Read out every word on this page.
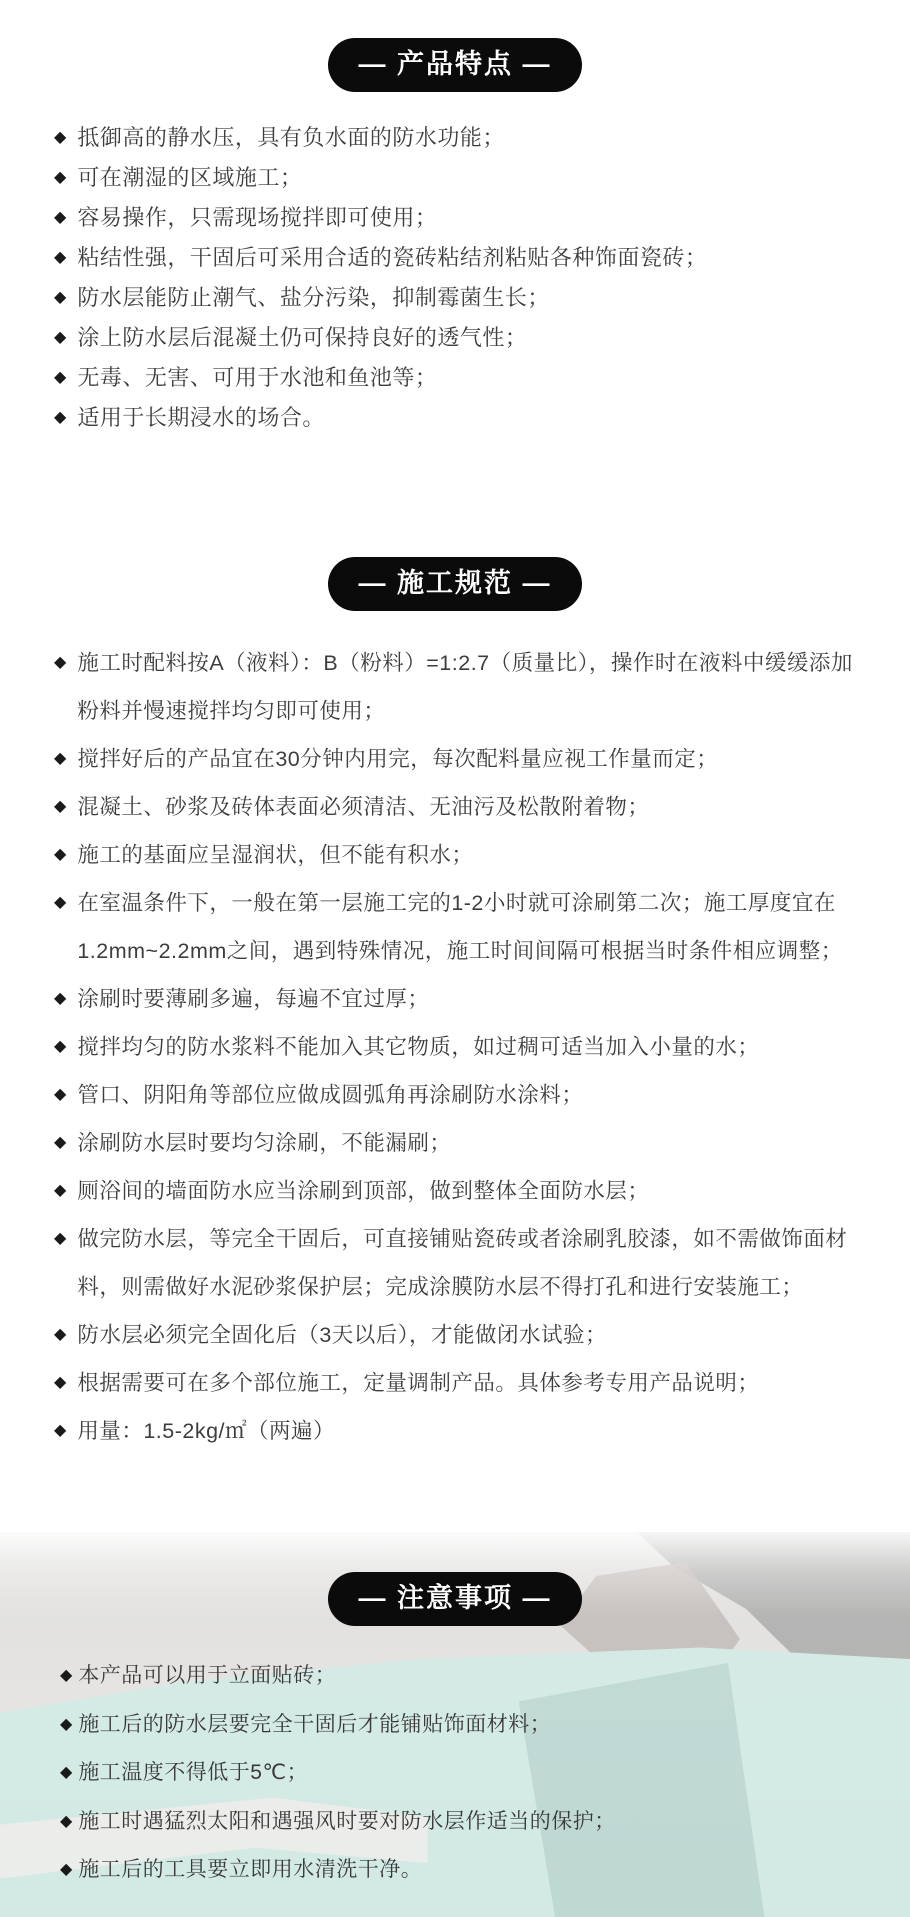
— 产品特点 —
◆ 抵御高的静水压，具有负水面的防水功能；
◆ 可在潮湿的区域施工；
◆ 容易操作，只需现场搅拌即可使用；
◆ 粘结性强，干固后可采用合适的瓷砖粘结剂粘贴各种饰面瓷砖；
◆ 防水层能防止潮气、盐分污染，抑制霉菌生长；
◆ 涂上防水层后混凝土仍可保持良好的透气性；
◆ 无毒、无害、可用于水池和鱼池等；
◆ 适用于长期浸水的场合。
— 施工规范 —
◆ 施工时配料按A（液料）：B（粉料）=1:2.7（质量比），操作时在液料中缓缓添加粉料并慢速搅拌均匀即可使用；
◆ 搅拌好后的产品宜在30分钟内用完，每次配料量应视工作量而定；
◆ 混凝土、砂浆及砖体表面必须清洁、无油污及松散附着物；
◆ 施工的基面应呈湿润状，但不能有积水；
◆ 在室温条件下，一般在第一层施工完的1-2小时就可涂刷第二次；施工厚度宜在1.2mm~2.2mm之间，遇到特殊情况，施工时间间隔可根据当时条件相应调整；
◆ 涂刷时要薄刷多遍，每遍不宜过厚；
◆ 搅拌均匀的防水浆料不能加入其它物质，如过稠可适当加入小量的水；
◆ 管口、阴阳角等部位应做成圆弧角再涂刷防水涂料；
◆ 涂刷防水层时要均匀涂刷，不能漏刷；
◆ 厕浴间的墙面防水应当涂刷到顶部，做到整体全面防水层；
◆ 做完防水层，等完全干固后，可直接铺贴瓷砖或者涂刷乳胶漆，如不需做饰面材料，则需做好水泥砂浆保护层；完成涂膜防水层不得打孔和进行安装施工；
◆ 防水层必须完全固化后（3天以后），才能做闭水试验；
◆ 根据需要可在多个部位施工，定量调制产品。具体参考专用产品说明；
◆ 用量：1.5-2kg/㎡（两遍）
— 注意事项 —
◆ 本产品可以用于立面贴砖；
◆ 施工后的防水层要完全干固后才能铺贴饰面材料；
◆ 施工温度不得低于5℃；
◆ 施工时遇猛烈太阳和遇强风时要对防水层作适当的保护；
◆ 施工后的工具要立即用水清洗干净。
